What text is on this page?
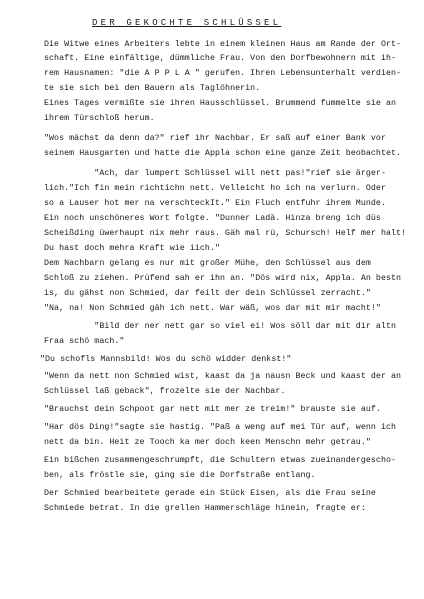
DER GEKOCHTE SCHLÜSSEL
Die Witwe eines Arbeiters lebte in einem kleinen Haus am Rande der Ort-
schaft. Eine einfältige, dümmliche Frau. Von den Dorfbewohnern mit ih-
rem Hausnamen: "die A P P L A " gerufen. Ihren Lebensunterhalt verdien-
te sie sich bei den Bauern als Taglöhnerin.
Eines Tages vermißte sie ihren Hausschlüssel. Brummend fummelte sie an
ihrem Türschloß herum.
"Wos mächst da denn da?" rief ihr Nachbar. Er saß auf einer Bank vor
seinem Hausgarten und hatte die Appla schon eine ganze Zeit beobachtet.
"Ach, dar lumpert Schlüssel will nett pas!"rief sie ärger-
lich."Ich fin mein richtichn nett. Velleicht ho ich na verlurn. Oder
so a Lauser hot mer na verschteckIt." Ein Fluch entfuhr ihrem Munde.
Ein noch unschöneres Wort folgte. "Dunner Ladä. Hinza breng ich düs
Scheißding üwerhaupt nix mehr raus. Gäh mal rü, Schursch! Helf mer halt!
Du hast doch mehra Kraft wie iich."
Dem Nachbarn gelang es nur mit großer Mühe, den Schlüssel aus dem
Schloß zu ziehen. Prüfend sah er ihn an. "Dös wird nix, Appla. An bestn
is, du gähst non Schmied, dar feilt der dein Schlüssel zerracht."
"Na, na! Non Schmied gäh ich nett. War wäß, wos dar mit mir macht!"
"Bild der ner nett gar so viel ei! Wos söll dar mit dir altn
Fraa schö mach."
"Du schofls Mannsbild! Wos du schö widder denkst!"
"Wenn da nett non Schmied wist, kaast da ja nausn Beck und kaast der an
Schlüssel laß geback", frozelte sie der Nachbar.
"Brauchst dein Schpoot gar nett mit mer ze treim!" brauste sie auf.
"Har dös Ding!"sagte sie hastig. "Paß a weng auf mei Tür auf, wenn ich
nett da bin. Heit ze Tooch ka mer doch keen Menschn mehr getrau."
Ein bißchen zusammengeschrumpft, die Schultern etwas zueinandergescho-
ben, als fröstle sie, ging sie die Dorfstraße entlang.
Der Schmied bearbeitete gerade ein Stück Eisen, als die Frau seine
Schmiede betrat. In die grellen Hammerschläge hinein, fragte er:
